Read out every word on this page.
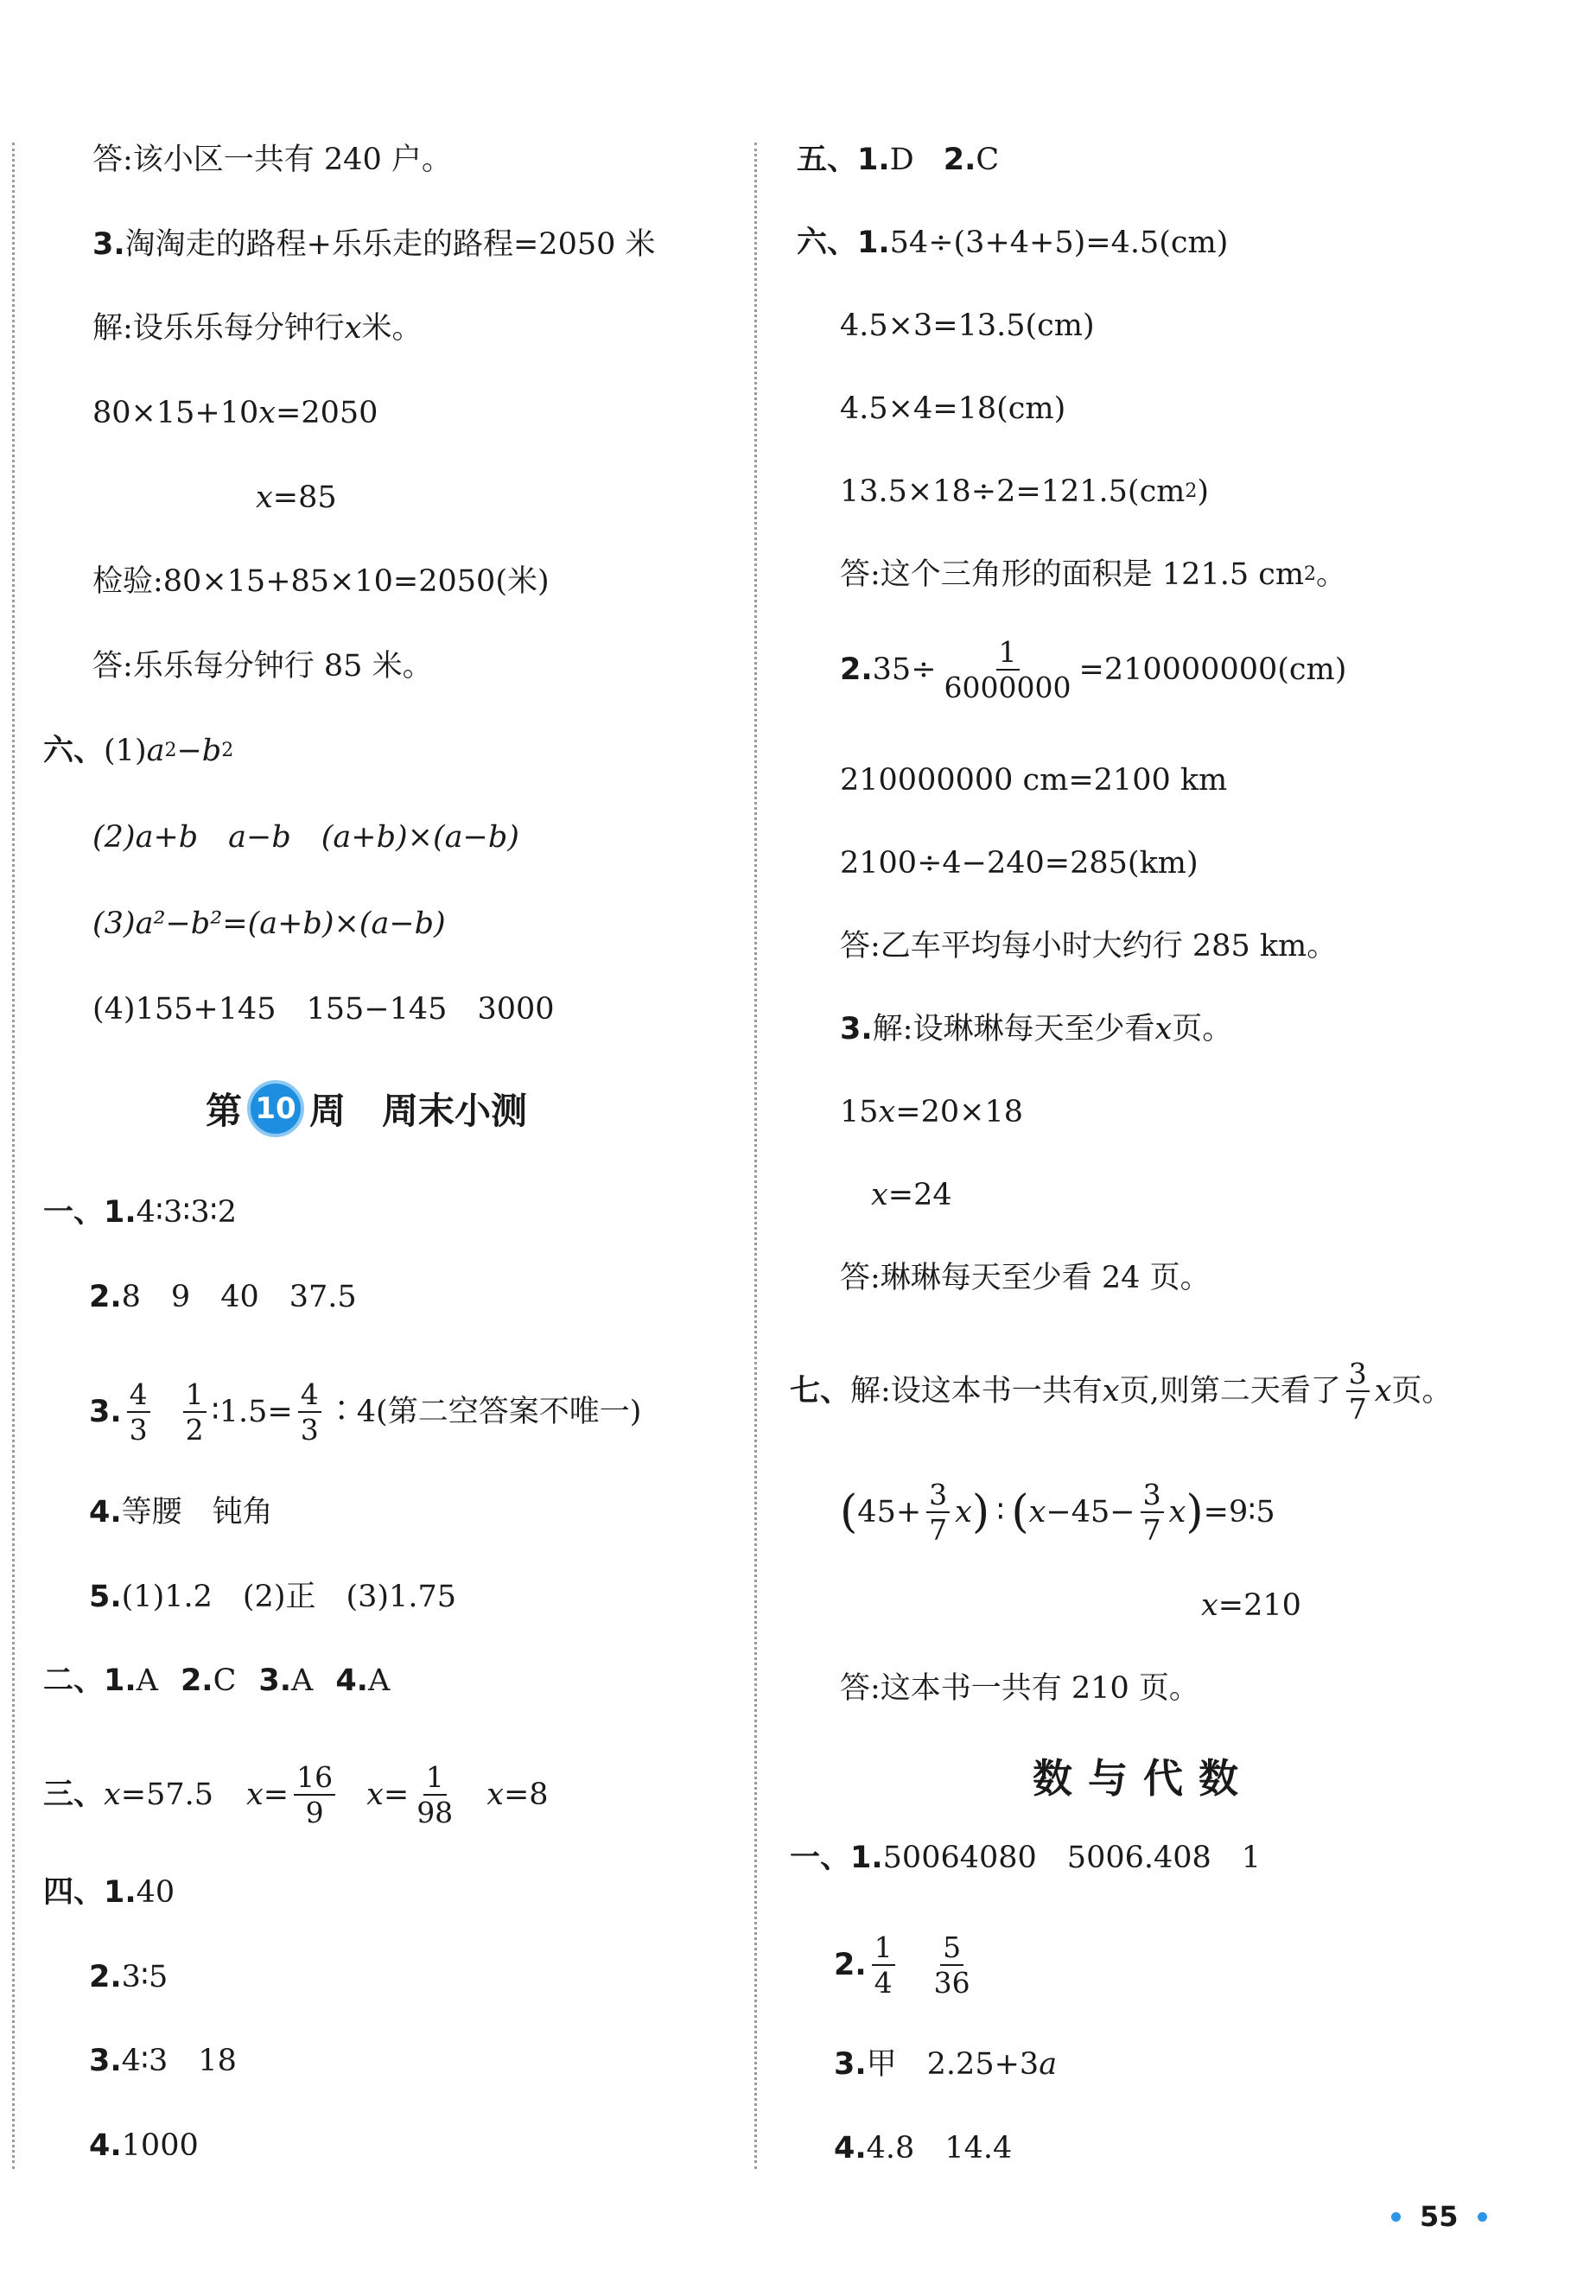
答:该小区一共有 240 户。
3. 淘淘走的路程+乐乐走的路程=2050 米
解:设乐乐每分钟行 x 米。
80×15+10 x =2050
x =85
检验:80×15+85×10=2050(米)
答:乐乐每分钟行 85 米。
六、 (1) a 2 − b 2
(2)a+b　a−b　(a+b)×(a−b)
(3)a²−b²=(a+b)×(a−b)
(4)155+145　155−145　3000
第 10 周 周末小测
一、1. 4∶3∶3∶2
2. 8　9　40　37.5
3. $\frac{4}{3} \frac{1}{2}$ ∶1.5= $\frac{4}{3}$ ∶4(第二空答案不唯一)
4. 等腰　钝角
5. (1)1.2　(2)正　(3)1.75
二、1. A 2. C 3. A 4. A
三、 x =57.5 $x = \frac{16}{9}$ $x = \frac{1}{98}$ x =8
四、1. 40
2. 3∶5
3. 4∶3　18
4. 1000
五、1. D 2. C
六、1. 54÷(3+4+5)=4.5(cm)
4.5×3=13.5(cm)
4.5×4=18(cm)
13.5×18÷2=121.5(cm 2 )
答:这个三角形的面积是 121.5 cm 2 。
2. $35\div \frac{1}{6000000} =210000000(cm)$
210000000 cm=2100 km
2100÷4−240=285(km)
答:乙车平均每小时大约行 285 km。
3. 解:设琳琳每天至少看 x 页。
15 x =20×18
x =24
答:琳琳每天至少看 24 页。
七、 解:设这本书一共有 x 页,则第二天看了 $\frac{3}{7}$ x 页。
( $45+ \frac{3}{7}$ x ) ∶ ( $x -45- \frac{3}{7}$ x ) =9∶5
x =210
答:这本书一共有 210 页。
一、1. 50064080　5006.408　1
2. $\frac{1}{4} \frac{5}{36}$
3. 甲　2.25+3 a
4. 4.8　14.4
数与代数
55
